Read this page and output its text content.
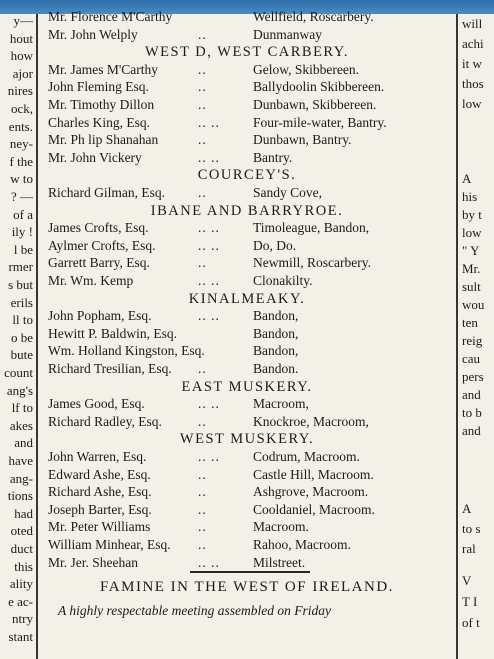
y—
hout
how
ajor
nires
ock,
ents.
ney-
f the
w to
? —
of a
ily !
l be
rmer
s but
erils
ll to
o be
bute
count
ang's
lf to
akes
and
have
ang-
tions
had
oted
duct
this
ality
e ac-
ntry
stant
will
achi
it w
thos
low
A
his
by t
low
" Y
Mr.
sult
wou
ten
reig
cau
pers
and
to b
and
A
to s
ral
V
T I
of t
FAMINE IN THE WEST OF IRELAND.
A highly respectable meeting assembled on Friday
Mr. Florence M'Carthy	Wellfield, Roscarbery.
Mr. John Welply	..	Dunmanway
WEST D, WEST CARBERY.
Mr. James M'Carthy	..	Gelow, Skibbereen.
John Fleming Esq.	..	Ballydoolin Skibbereen.
Mr. Timothy Dillon	..	Dunbawn, Skibbereen.
Charles King, Esq.	.. .. Four-mile-water, Bantry.
Mr. Ph lip Shanahan	..	Dunbawn, Bantry.
Mr. John Vickery	.. .. Bantry.
COURCEY'S.
Richard Gilman, Esq. ..	Sandy Cove,
IBANE AND BARRYROE.
James Crofts, Esq.	.. .. Timoleague, Bandon,
Aylmer Crofts, Esq.	.. .. Do, Do.
Garrett Barry, Esq.	..	Newmill, Roscarbery.
Mr. Wm. Kemp	.. .. Clonakilty.
KINALMEAKY.
John Popham, Esq.	.. .. Bandon,
Hewitt P. Baldwin, Esq.	Bandon,
Wm. Holland Kingston, Esq.	Bandon,
Richard Tresilian, Esq. ..	Bandon.
EAST MUSKERY.
James Good, Esq.	.. .. Macroom,
Richard Radley, Esq.	..	Knockroe, Macroom,
WEST MUSKERY.
John Warren, Esq.	.. .. Codrum, Macroom.
Edward Ashe, Esq.	..	Castle Hill, Macroom.
Richard Ashe, Esq.	..	Ashgrove, Macroom.
Joseph Barter, Esq.	..	Cooldaniel, Macroom.
Mr. Peter Williams	..	Macroom.
William Minhear, Esq. ..	Rahoo, Macroom.
Mr. Jer. Sheehan	.. .. Milstreet.
